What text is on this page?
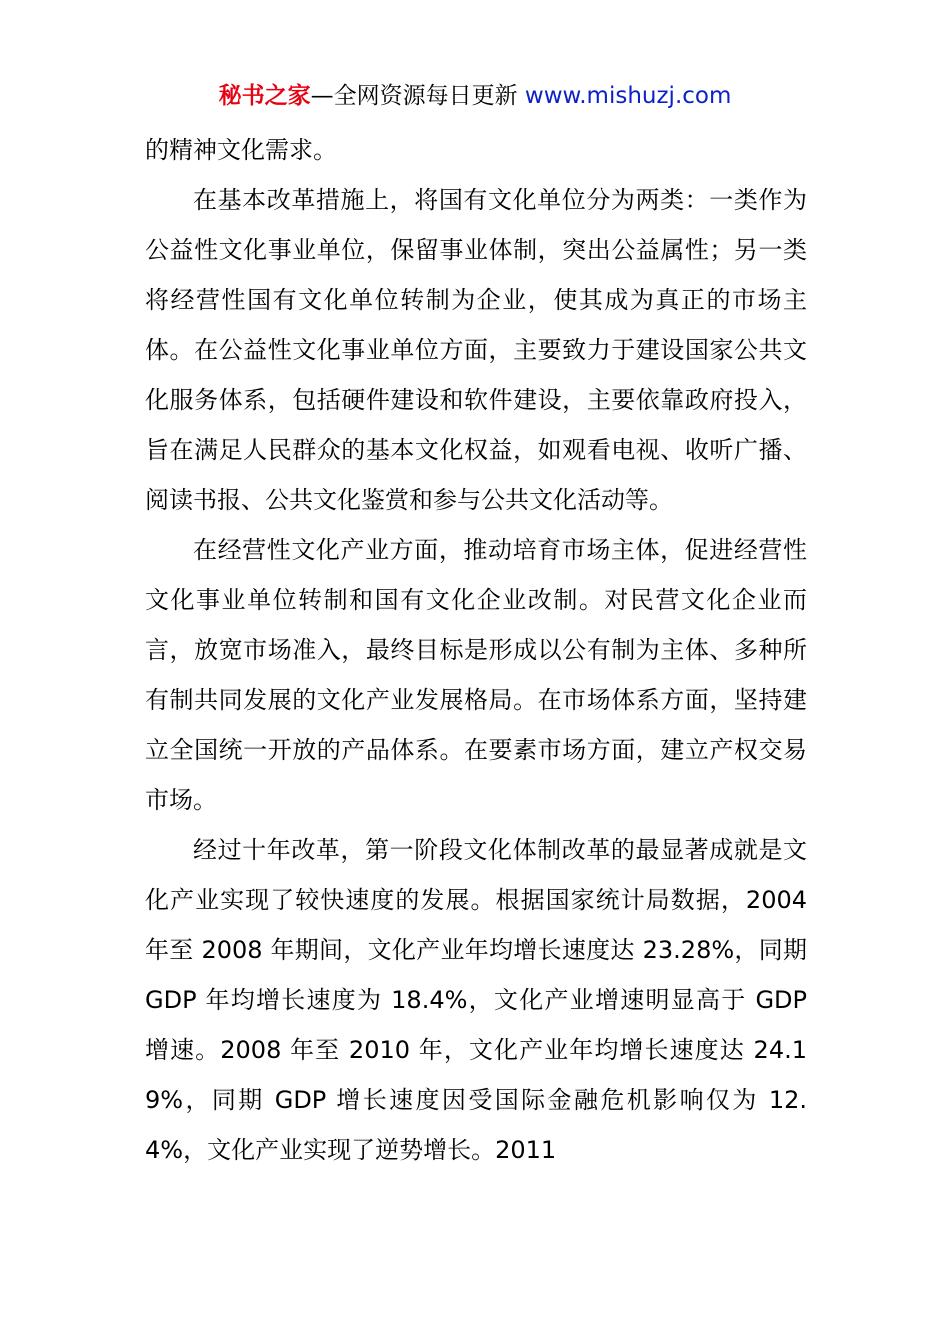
秘书之家—全网资源每日更新 www.mishuzj.com

的精神文化需求。

在基本改革措施上，将国有文化单位分为两类：一类作为公益性文化事业单位，保留事业体制，突出公益属性；另一类将经营性国有文化单位转制为企业，使其成为真正的市场主体。在公益性文化事业单位方面，主要致力于建设国家公共文化服务体系，包括硬件建设和软件建设，主要依靠政府投入，旨在满足人民群众的基本文化权益，如观看电视、收听广播、阅读书报、公共文化鉴赏和参与公共文化活动等。

在经营性文化产业方面，推动培育市场主体，促进经营性文化事业单位转制和国有文化企业改制。对民营文化企业而言，放宽市场准入，最终目标是形成以公有制为主体、多种所有制共同发展的文化产业发展格局。在市场体系方面，坚持建立全国统一开放的产品体系。在要素市场方面，建立产权交易市场。

经过十年改革，第一阶段文化体制改革的最显著成就是文化产业实现了较快速度的发展。根据国家统计局数据，2004 年至 2008 年期间，文化产业年均增长速度达 23.28%，同期 GDP 年均增长速度为 18.4%，文化产业增速明显高于 GDP 增速。2008 年至 2010 年，文化产业年均增长速度达 24.19%，同期 GDP 增长速度因受国际金融危机影响仅为 12.4%，文化产业实现了逆势增长。2011
